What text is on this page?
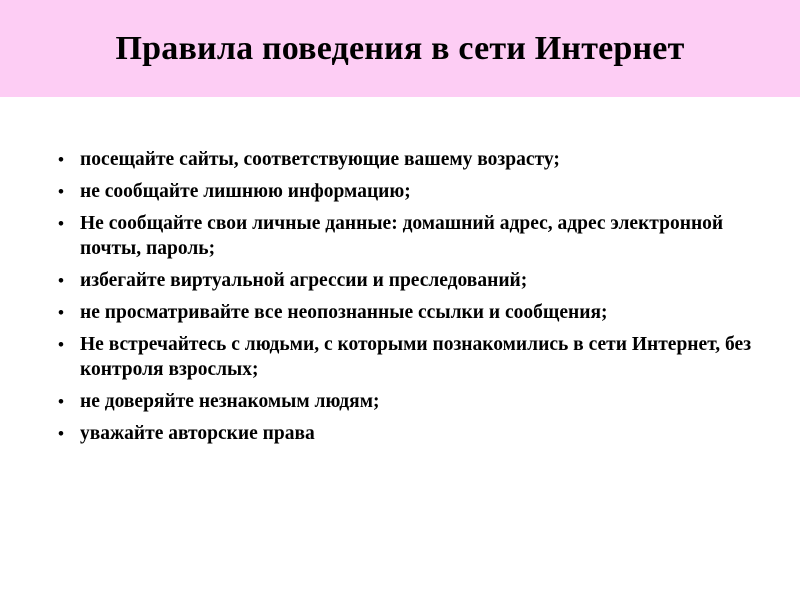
Правила поведения в сети Интернет
• посещайте сайты, соответствующие вашему возрасту;
• не сообщайте лишнюю информацию;
• Не сообщайте свои личные данные: домашний адрес, адрес электронной почты, пароль;
• избегайте виртуальной агрессии и преследований;
• не просматривайте все неопознанные ссылки и сообщения;
• Не встречайтесь с людьми, с которыми познакомились в сети Интернет, без контроля взрослых;
• не доверяйте незнакомым людям;
• уважайте авторские права
